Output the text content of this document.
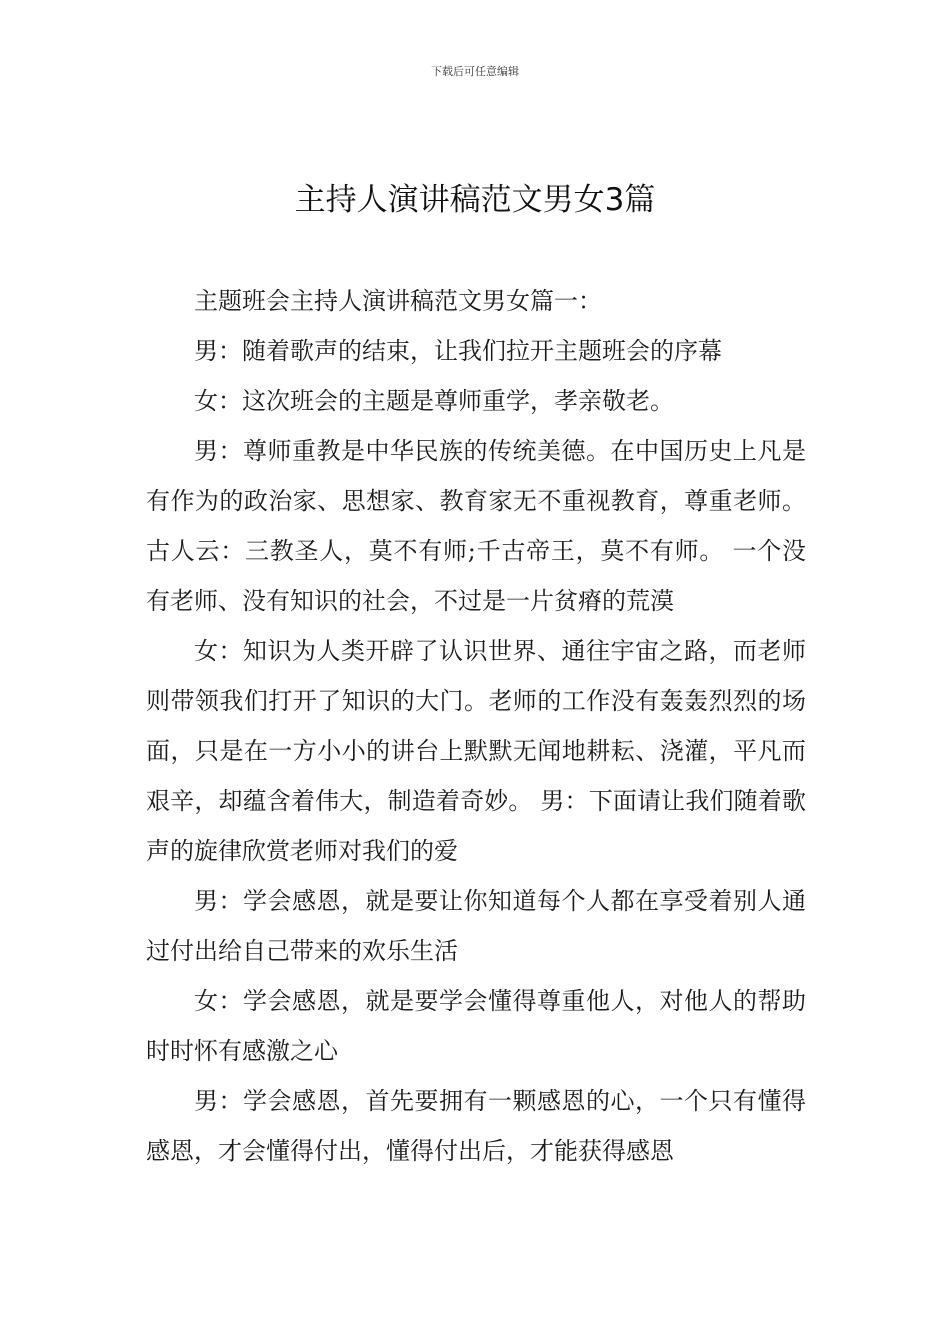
下载后可任意编辑
主持人演讲稿范文男女3篇

主题班会主持人演讲稿范文男女篇一：

男：随着歌声的结束，让我们拉开主题班会的序幕

女：这次班会的主题是尊师重学，孝亲敬老。

男：尊师重教是中华民族的传统美德。在中国历史上凡是有作为的政治家、思想家、教育家无不重视教育，尊重老师。古人云：三教圣人，莫不有师;千古帝王，莫不有师。 一个没有老师、没有知识的社会，不过是一片贫瘠的荒漠

女：知识为人类开辟了认识世界、通往宇宙之路，而老师则带领我们打开了知识的大门。老师的工作没有轰轰烈烈的场面，只是在一方小小的讲台上默默无闻地耕耘、浇灌，平凡而艰辛，却蕴含着伟大，制造着奇妙。 男：下面请让我们随着歌声的旋律欣赏老师对我们的爱

男：学会感恩，就是要让你知道每个人都在享受着别人通过付出给自己带来的欢乐生活

女：学会感恩，就是要学会懂得尊重他人，对他人的帮助时时怀有感激之心

男：学会感恩，首先要拥有一颗感恩的心，一个只有懂得感恩，才会懂得付出，懂得付出后，才能获得感恩
